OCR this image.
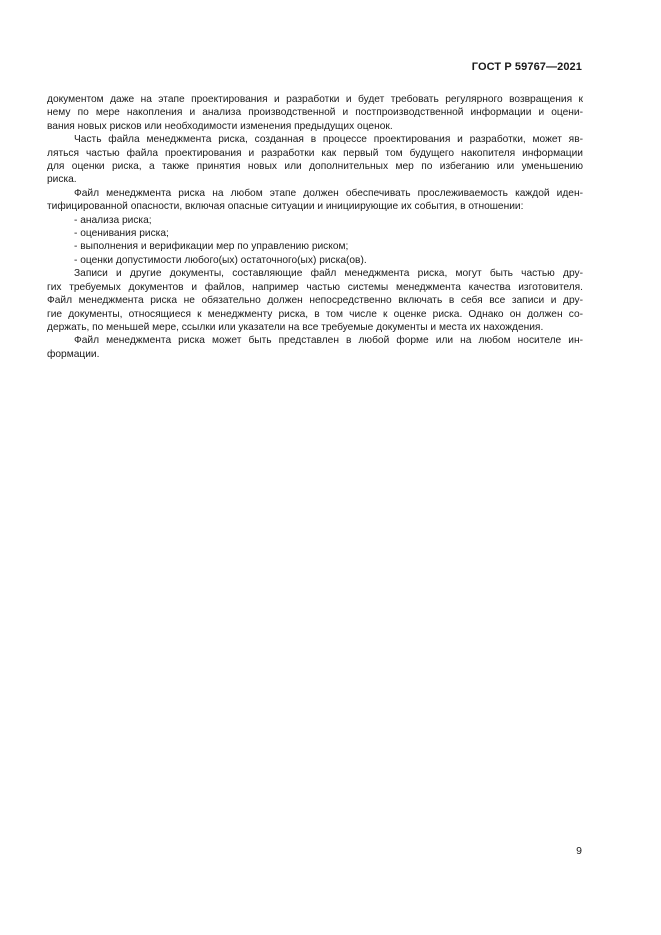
ГОСТ Р 59767—2021
документом даже на этапе проектирования и разработки и будет требовать регулярного возвращения к
нему по мере накопления и анализа производственной и постпроизводственной информации и оцени-
вания новых рисков или необходимости изменения предыдущих оценок.
Часть файла менеджмента риска, созданная в процессе проектирования и разработки, может яв-
ляться частью файла проектирования и разработки как первый том будущего накопителя информации
для оценки риска, а также принятия новых или дополнительных мер по избеганию или уменьшению
риска.
Файл менеджмента риска на любом этапе должен обеспечивать прослеживаемость каждой иден-
тифицированной опасности, включая опасные ситуации и инициирующие их события, в отношении:
- анализа риска;
- оценивания риска;
- выполнения и верификации мер по управлению риском;
- оценки допустимости любого(ых) остаточного(ых) риска(ов).
Записи и другие документы, составляющие файл менеджмента риска, могут быть частью дру-
гих требуемых документов и файлов, например частью системы менеджмента качества изготовителя.
Файл менеджмента риска не обязательно должен непосредственно включать в себя все записи и дру-
гие документы, относящиеся к менеджменту риска, в том числе к оценке риска. Однако он должен со-
держать, по меньшей мере, ссылки или указатели на все требуемые документы и места их нахождения.
Файл менеджмента риска может быть представлен в любой форме или на любом носителе ин-
формации.
9
